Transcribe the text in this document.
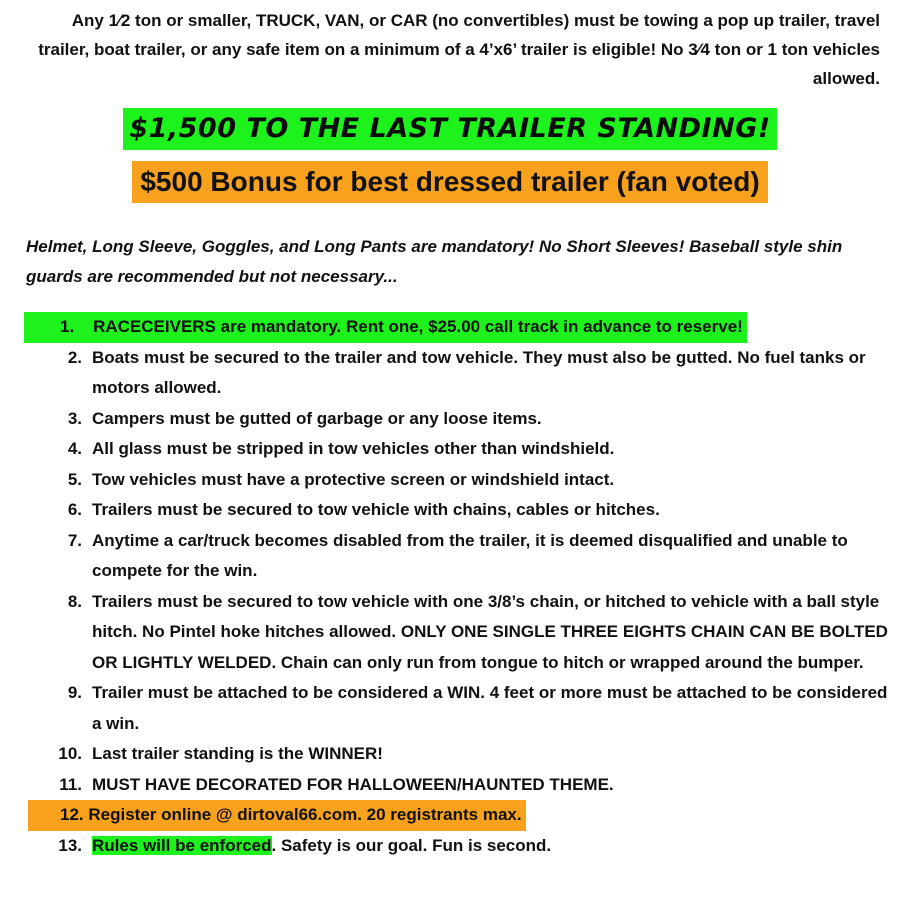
Any 1⁄2 ton or smaller, TRUCK, VAN, or CAR (no convertibles) must be towing a pop up trailer, travel trailer, boat trailer, or any safe item on a minimum of a 4’x6’ trailer is eligible! No 3⁄4 ton or 1 ton vehicles allowed.
$1,500 TO THE LAST TRAILER STANDING!
$500 Bonus for best dressed trailer (fan voted)
Helmet, Long Sleeve, Goggles, and Long Pants are mandatory! No Short Sleeves! Baseball style shin guards are recommended but not necessary...
1. RACECEIVERS are mandatory. Rent one, $25.00 call track in advance to reserve!
2. Boats must be secured to the trailer and tow vehicle. They must also be gutted. No fuel tanks or motors allowed.
3. Campers must be gutted of garbage or any loose items.
4. All glass must be stripped in tow vehicles other than windshield.
5. Tow vehicles must have a protective screen or windshield intact.
6. Trailers must be secured to tow vehicle with chains, cables or hitches.
7. Anytime a car/truck becomes disabled from the trailer, it is deemed disqualified and unable to compete for the win.
8. Trailers must be secured to tow vehicle with one 3/8’s chain, or hitched to vehicle with a ball style hitch. No Pintel hoke hitches allowed. ONLY ONE SINGLE THREE EIGHTS CHAIN CAN BE BOLTED OR LIGHTLY WELDED. Chain can only run from tongue to hitch or wrapped around the bumper.
9. Trailer must be attached to be considered a WIN. 4 feet or more must be attached to be considered a win.
10. Last trailer standing is the WINNER!
11. MUST HAVE DECORATED FOR HALLOWEEN/HAUNTED THEME.
12. Register online @ dirtoval66.com. 20 registrants max.
13. Rules will be enforced. Safety is our goal. Fun is second.
